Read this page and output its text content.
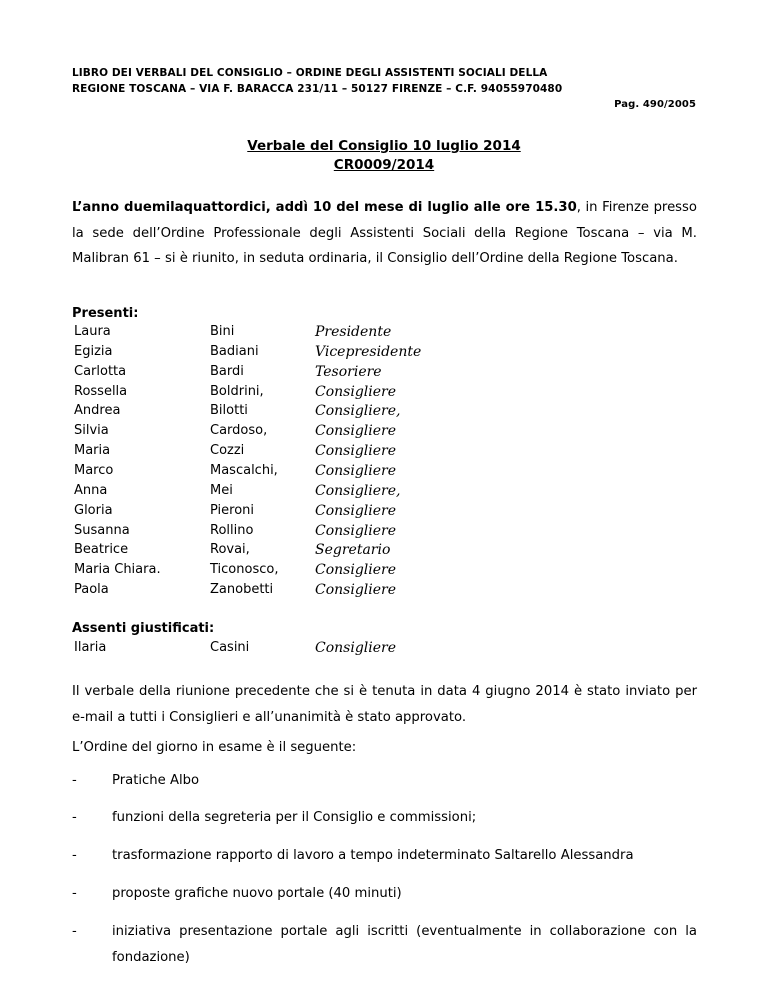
LIBRO DEI VERBALI DEL CONSIGLIO – ORDINE DEGLI ASSISTENTI SOCIALI DELLA
REGIONE TOSCANA – VIA F. BARACCA 231/11 – 50127 FIRENZE – C.F. 94055970480
Pag. 490/2005
Verbale del Consiglio 10 luglio 2014
CR0009/2014
L’anno duemilaquattordici, addì 10 del mese di luglio alle ore 15.30, in Firenze presso la sede dell’Ordine Professionale degli Assistenti Sociali della Regione Toscana – via M. Malibran 61 – si è riunito, in seduta ordinaria, il Consiglio dell’Ordine della Regione Toscana.
Presenti:
Laura	Bini	Presidente
Egizia	Badiani	Vicepresidente
Carlotta	Bardi	Tesoriere
Rossella	Boldrini,	Consigliere
Andrea	Bilotti	Consigliere,
Silvia	Cardoso,	Consigliere
Maria	Cozzi	Consigliere
Marco	Mascalchi,	Consigliere
Anna	Mei	Consigliere,
Gloria	Pieroni	Consigliere
Susanna	Rollino	Consigliere
Beatrice	Rovai,	Segretario
Maria Chiara.	Ticonosco,	Consigliere
Paola	Zanobetti	Consigliere
Assenti giustificati:
Ilaria	Casini	Consigliere
Il verbale della riunione precedente che si è tenuta in data 4 giugno 2014 è stato inviato per e-mail a tutti i Consiglieri e all’unanimità è stato approvato.
L’Ordine del giorno in esame è il seguente:
-	Pratiche Albo
-	funzioni della segreteria per il Consiglio e commissioni;
-	trasformazione rapporto di lavoro a tempo indeterminato Saltarello Alessandra
-	proposte grafiche nuovo portale (40 minuti)
-	iniziativa presentazione portale agli iscritti (eventualmente in collaborazione con la fondazione)
